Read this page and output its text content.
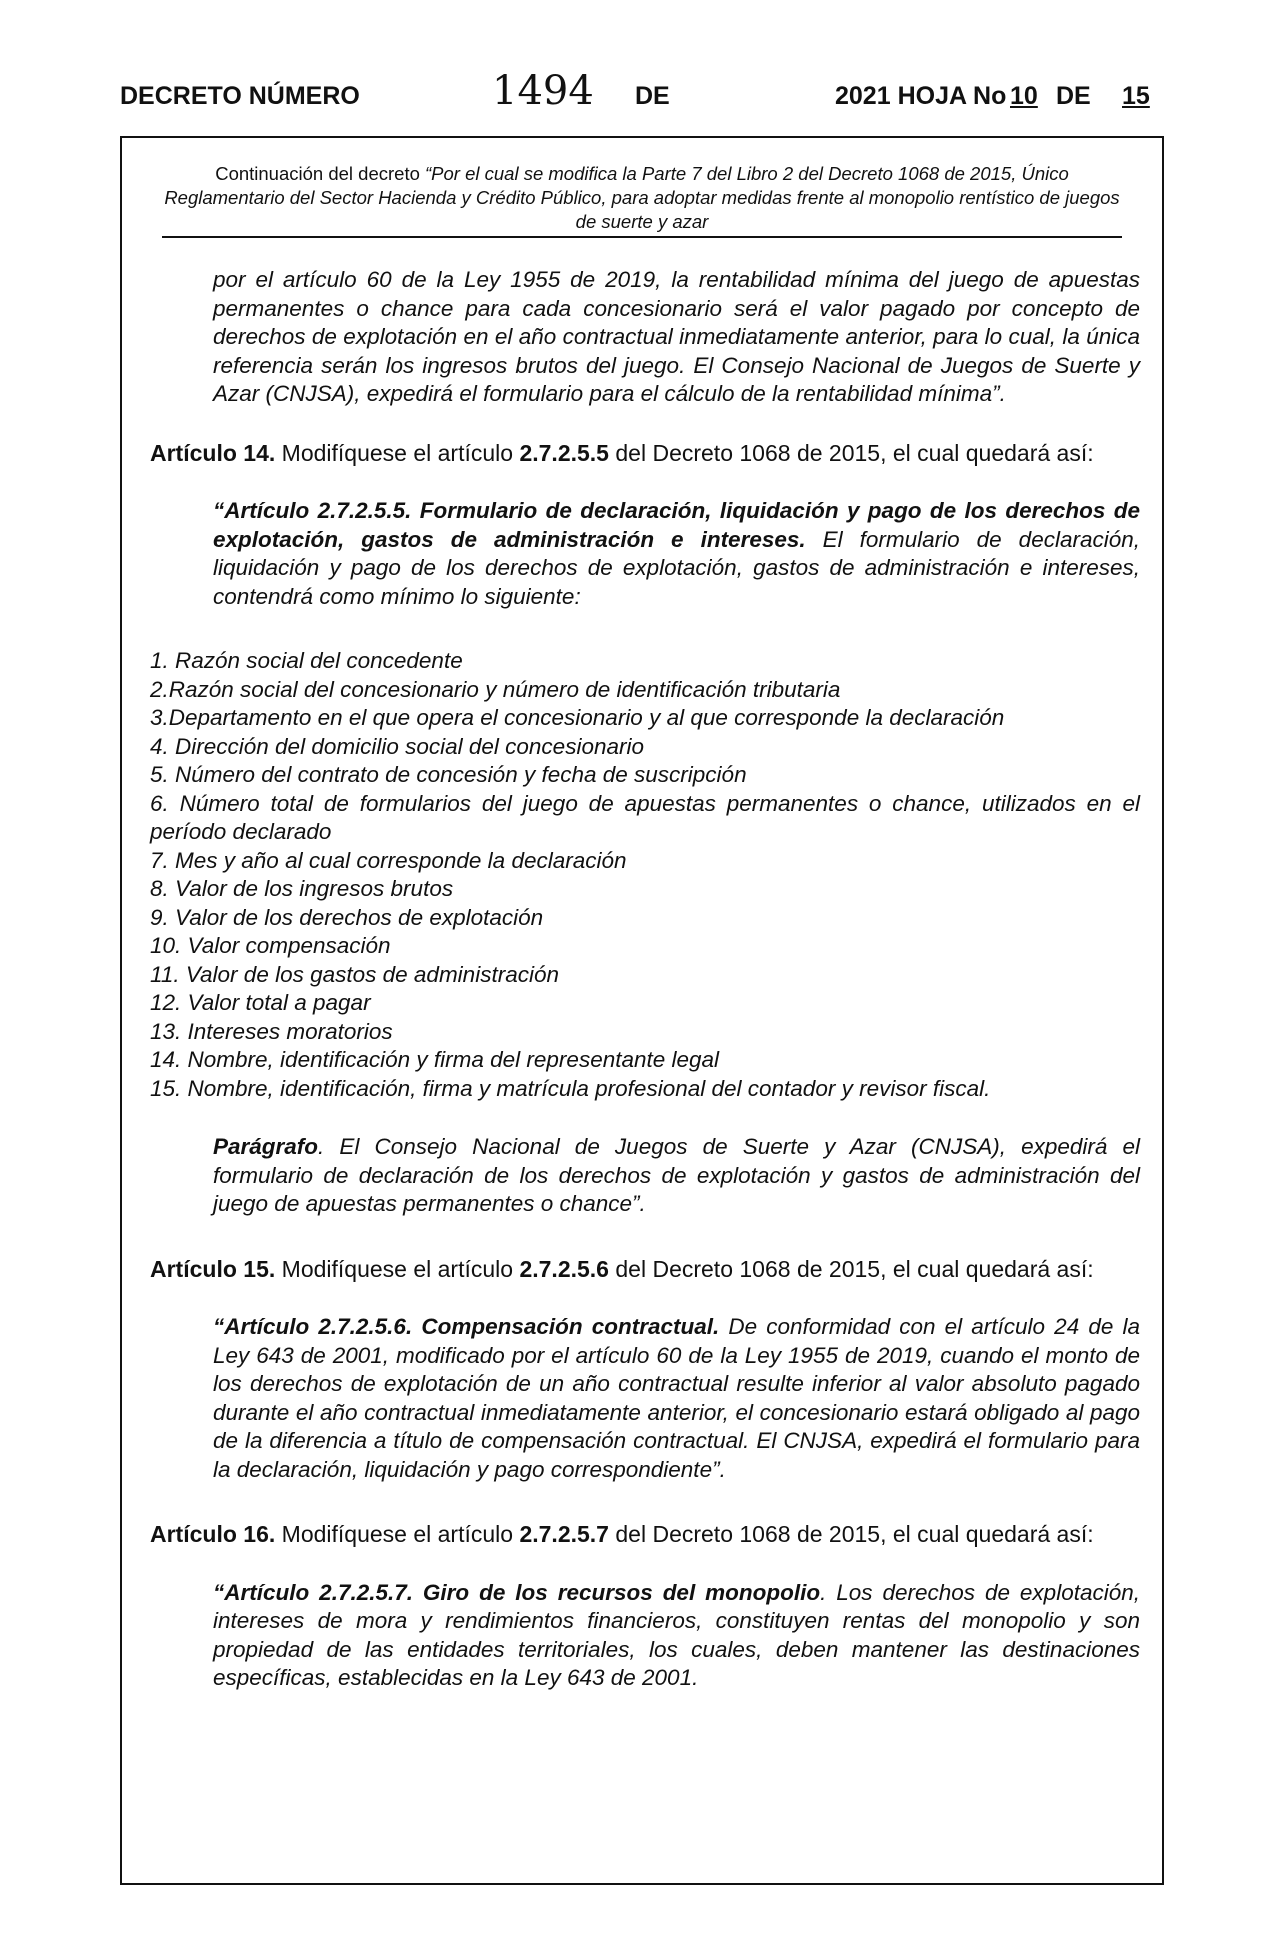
DECRETO NÚMERO	1494 DE	2021 HOJA No 10 DE 15
Continuación del decreto “Por el cual se modifica la Parte 7 del Libro 2 del Decreto 1068 de 2015, Único Reglamentario del Sector Hacienda y Crédito Público, para adoptar medidas frente al monopolio rentístico de juegos de suerte y azar

por el artículo 60 de la Ley 1955 de 2019, la rentabilidad mínima del juego de apuestas permanentes o chance para cada concesionario será el valor pagado por concepto de derechos de explotación en el año contractual inmediatamente anterior, para lo cual, la única referencia serán los ingresos brutos del juego. El Consejo Nacional de Juegos de Suerte y Azar (CNJSA), expedirá el formulario para el cálculo de la rentabilidad mínima”.

Artículo 14. Modifíquese el artículo 2.7.2.5.5 del Decreto 1068 de 2015, el cual quedará así:

“Artículo 2.7.2.5.5. Formulario de declaración, liquidación y pago de los derechos de explotación, gastos de administración e intereses. El formulario de declaración, liquidación y pago de los derechos de explotación, gastos de administración e intereses, contendrá como mínimo lo siguiente:

1. Razón social del concedente
2.Razón social del concesionario y número de identificación tributaria
3.Departamento en el que opera el concesionario y al que corresponde la declaración
4. Dirección del domicilio social del concesionario
5. Número del contrato de concesión y fecha de suscripción
6. Número total de formularios del juego de apuestas permanentes o chance, utilizados en el período declarado
7. Mes y año al cual corresponde la declaración
8. Valor de los ingresos brutos
9. Valor de los derechos de explotación
10. Valor compensación
11. Valor de los gastos de administración
12. Valor total a pagar
13. Intereses moratorios
14. Nombre, identificación y firma del representante legal
15. Nombre, identificación, firma y matrícula profesional del contador y revisor fiscal.

Parágrafo. El Consejo Nacional de Juegos de Suerte y Azar (CNJSA), expedirá el formulario de declaración de los derechos de explotación y gastos de administración del juego de apuestas permanentes o chance”.

Artículo 15. Modifíquese el artículo 2.7.2.5.6 del Decreto 1068 de 2015, el cual quedará así:

“Artículo 2.7.2.5.6. Compensación contractual. De conformidad con el artículo 24 de la Ley 643 de 2001, modificado por el artículo 60 de la Ley 1955 de 2019, cuando el monto de los derechos de explotación de un año contractual resulte inferior al valor absoluto pagado durante el año contractual inmediatamente anterior, el concesionario estará obligado al pago de la diferencia a título de compensación contractual. El CNJSA, expedirá el formulario para la declaración, liquidación y pago correspondiente”.

Artículo 16. Modifíquese el artículo 2.7.2.5.7 del Decreto 1068 de 2015, el cual quedará así:

“Artículo 2.7.2.5.7. Giro de los recursos del monopolio. Los derechos de explotación, intereses de mora y rendimientos financieros, constituyen rentas del monopolio y son propiedad de las entidades territoriales, los cuales, deben mantener las destinaciones específicas, establecidas en la Ley 643 de 2001.
